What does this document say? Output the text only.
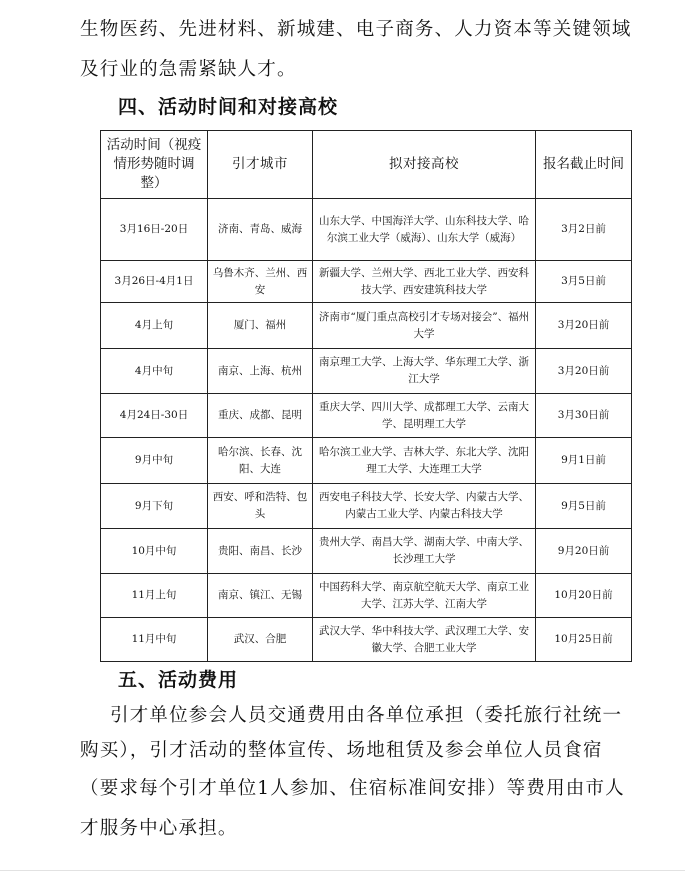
生物医药、先进材料、新城建、电子商务、人力资本等关键领域

及行业的急需紧缺人才。

四、活动时间和对接高校
活动时间（视疫情形势随时调整）	引才城市	拟对接高校	报名截止时间
3月16日-20日	济南、青岛、威海	山东大学、中国海洋大学、山东科技大学、哈尔滨工业大学（威海）、山东大学（威海）	3月2日前
3月26日-4月1日	乌鲁木齐、兰州、西安	新疆大学、兰州大学、西北工业大学、西安科技大学、西安建筑科技大学	3月5日前
4月上旬	厦门、福州	济南市“厦门重点高校引才专场对接会”、福州大学	3月20日前
4月中旬	南京、上海、杭州	南京理工大学、上海大学、华东理工大学、浙江大学	3月20日前
4月24日-30日	重庆、成都、昆明	重庆大学、四川大学、成都理工大学、云南大学、昆明理工大学	3月30日前
9月中旬	哈尔滨、长春、沈阳、大连	哈尔滨工业大学、吉林大学、东北大学、沈阳理工大学、大连理工大学	9月1日前
9月下旬	西安、呼和浩特、包头	西安电子科技大学、长安大学、内蒙古大学、内蒙古工业大学、内蒙古科技大学	9月5日前
10月中旬	贵阳、南昌、长沙	贵州大学、南昌大学、湖南大学、中南大学、长沙理工大学	9月20日前
11月上旬	南京、镇江、无锡	中国药科大学、南京航空航天大学、南京工业大学、江苏大学、江南大学	10月20日前
11月中旬	武汉、合肥	武汉大学、华中科技大学、武汉理工大学、安徽大学、合肥工业大学	10月25日前
五、活动费用

引才单位参会人员交通费用由各单位承担（委托旅行社统一

购买），引才活动的整体宣传、场地租赁及参会单位人员食宿

（要求每个引才单位1人参加、住宿标准间安排）等费用由市人

才服务中心承担。
